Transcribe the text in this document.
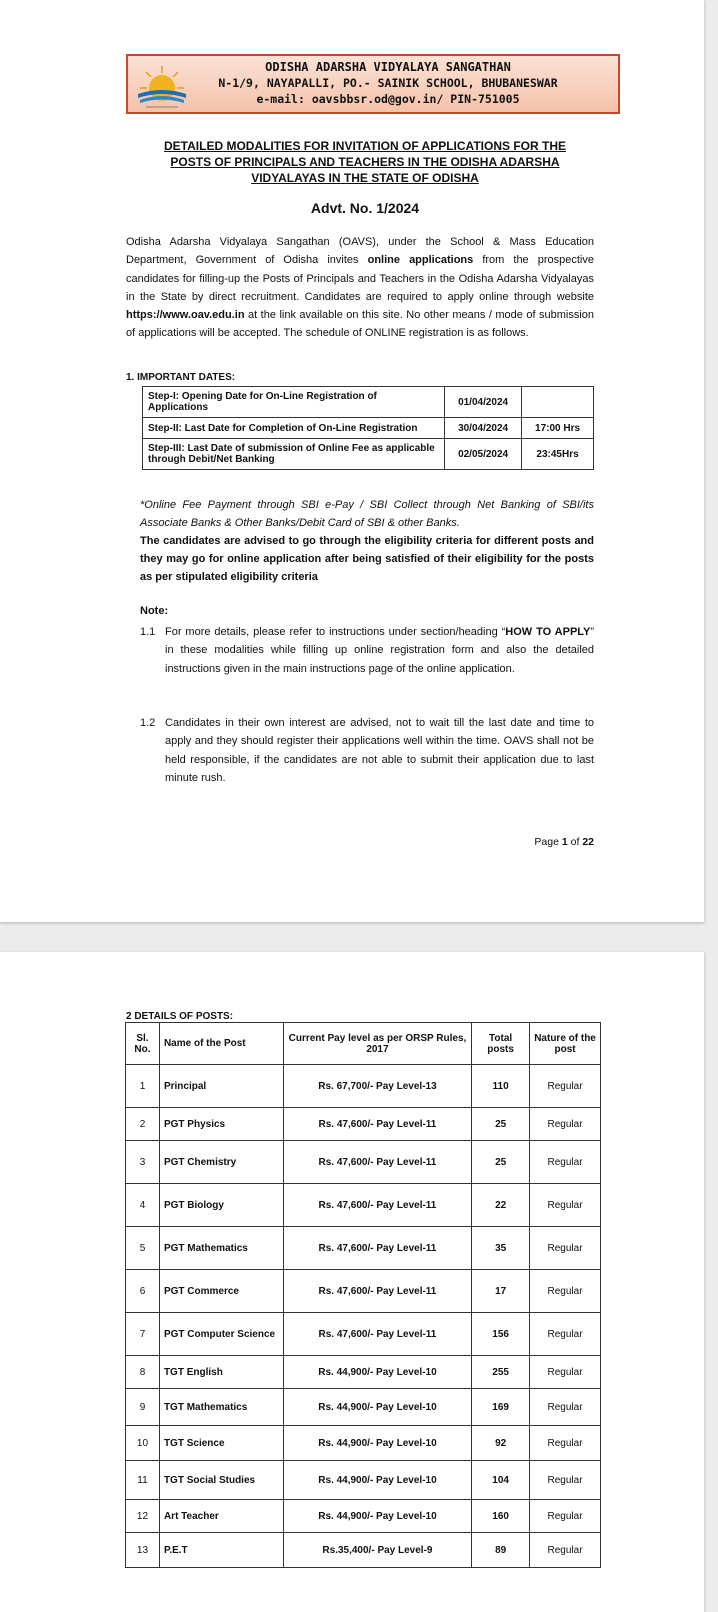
ODISHA ADARSHA VIDYALAYA SANGATHAN
N-1/9, NAYAPALLI, PO.- SAINIK SCHOOL, BHUBANESWAR
e-mail: oavsbbsr.od@gov.in/ PIN-751005
DETAILED MODALITIES FOR INVITATION OF APPLICATIONS FOR THE
POSTS OF PRINCIPALS AND TEACHERS IN THE ODISHA ADARSHA
VIDYALAYAS IN THE STATE OF ODISHA
Advt. No. 1/2024
Odisha Adarsha Vidyalaya Sangathan (OAVS), under the School & Mass Education Department, Government of Odisha invites online applications from the prospective candidates for filling-up the Posts of Principals and Teachers in the Odisha Adarsha Vidyalayas in the State by direct recruitment. Candidates are required to apply online through website https://www.oav.edu.in at the link available on this site. No other means / mode of submission of applications will be accepted. The schedule of ONLINE registration is as follows.
1. IMPORTANT DATES:
Step-I: Opening Date for On-Line Registration of Applications	01/04/2024	
Step-II: Last Date for Completion of On-Line Registration	30/04/2024	17:00 Hrs
Step-III: Last Date of submission of Online Fee as applicable through Debit/Net Banking	02/05/2024	23:45Hrs
*Online Fee Payment through SBI e-Pay / SBI Collect through Net Banking of SBI/its Associate Banks & Other Banks/Debit Card of SBI & other Banks.
The candidates are advised to go through the eligibility criteria for different posts and they may go for online application after being satisfied of their eligibility for the posts as per stipulated eligibility criteria
Note:
1.1 For more details, please refer to instructions under section/heading “HOW TO APPLY” in these modalities while filling up online registration form and also the detailed instructions given in the main instructions page of the online application.
1.2 Candidates in their own interest are advised, not to wait till the last date and time to apply and they should register their applications well within the time. OAVS shall not be held responsible, if the candidates are not able to submit their application due to last minute rush.
Page 1 of 22
2 DETAILS OF POSTS:
Sl. No.	Name of the Post	Current Pay level as per ORSP Rules, 2017	Total posts	Nature of the post
1	Principal	Rs. 67,700/- Pay Level-13	110	Regular
2	PGT Physics	Rs. 47,600/- Pay Level-11	25	Regular
3	PGT Chemistry	Rs. 47,600/- Pay Level-11	25	Regular
4	PGT Biology	Rs. 47,600/- Pay Level-11	22	Regular
5	PGT Mathematics	Rs. 47,600/- Pay Level-11	35	Regular
6	PGT Commerce	Rs. 47,600/- Pay Level-11	17	Regular
7	PGT Computer Science	Rs. 47,600/- Pay Level-11	156	Regular
8	TGT English	Rs. 44,900/- Pay Level-10	255	Regular
9	TGT Mathematics	Rs. 44,900/- Pay Level-10	169	Regular
10	TGT Science	Rs. 44,900/- Pay Level-10	92	Regular
11	TGT Social Studies	Rs. 44,900/- Pay Level-10	104	Regular
12	Art Teacher	Rs. 44,900/- Pay Level-10	160	Regular
13	P.E.T	Rs.35,400/- Pay Level-9	89	Regular
